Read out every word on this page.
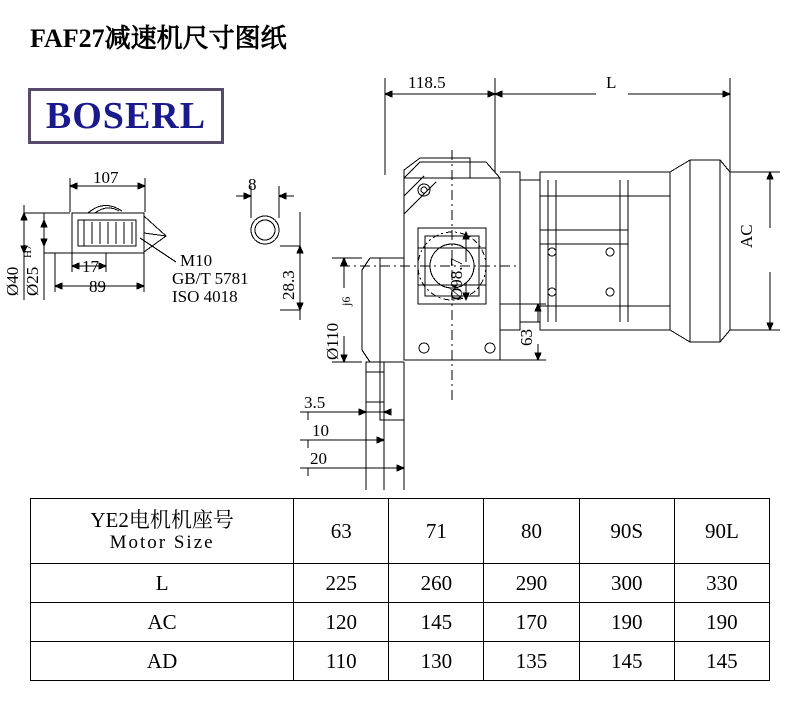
FAF27减速机尺寸图纸
BOSERL
118.5	L
AC
107	8
17
89
Ø40 Ø25
H7	M10
GB/T 5781
ISO 4018 28.3	Ø98.7
Ø110
j6
63
3.5
10
20
YE2电机机座号
Motor Size	63	71	80	90S	90L
L	225	260	290	300	330
AC	120	145	170	190	190
AD	110	130	135	145	145
